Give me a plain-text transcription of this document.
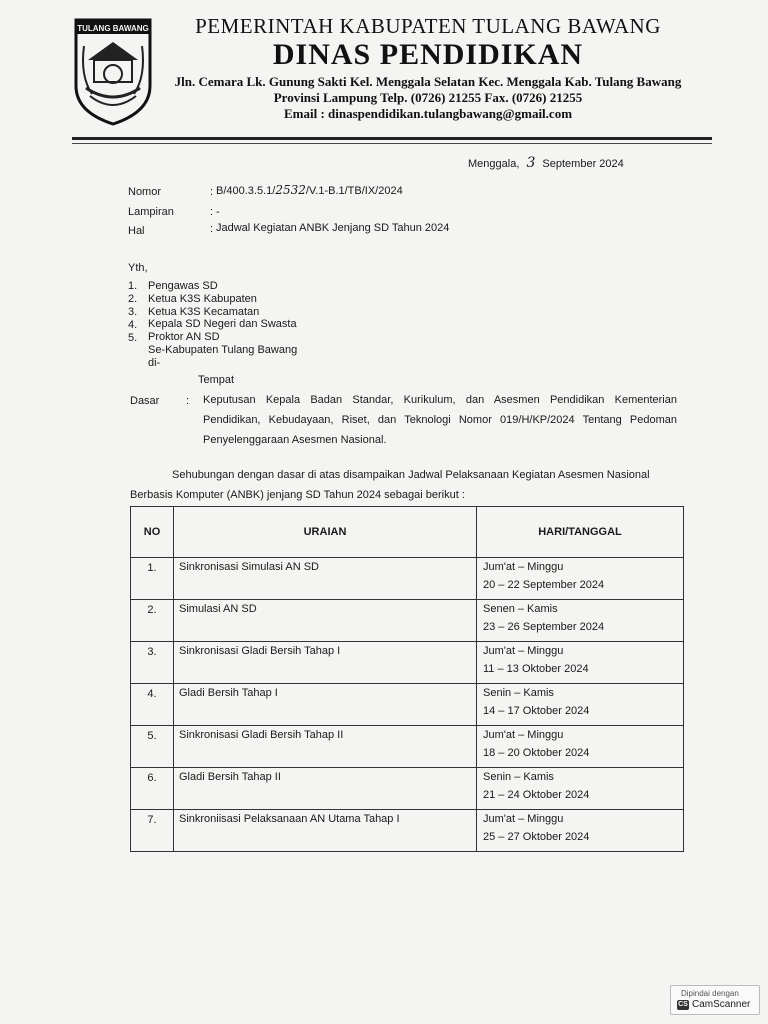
TULANG BAWANG	PEMERINTAH KABUPATEN TULANG BAWANG
DINAS PENDIDIKAN
Jln. Cemara Lk. Gunung Sakti Kel. Menggala Selatan Kec. Menggala Kab. Tulang Bawang
Provinsi Lampung Telp. (0726) 21255 Fax. (0726) 21255
Email : dinaspendidikan.tulangbawang@gmail.com
Menggala, 3 September 2024
Nomor	: B/400.3.5.1/2532/V.1-B.1/TB/IX/2024
Lampiran	: -
Hal	: Jadwal Kegiatan ANBK Jenjang SD Tahun 2024
Yth,
1. Pengawas SD
2. Ketua K3S Kabupaten
3. Ketua K3S Kecamatan
4. Kepala SD Negeri dan Swasta
5. Proktor AN SD
Se-Kabupaten Tulang Bawang
di-
Tempat
Dasar : Keputusan Kepala Badan Standar, Kurikulum, dan Asesmen Pendidikan Kementerian Pendidikan, Kebudayaan, Riset, dan Teknologi Nomor 019/H/KP/2024 Tentang Pedoman Penyelenggaraan Asesmen Nasional.
Sehubungan dengan dasar di atas disampaikan Jadwal Pelaksanaan Kegiatan Asesmen Nasional Berbasis Komputer (ANBK) jenjang SD Tahun 2024 sebagai berikut :
NO	URAIAN	HARI/TANGGAL
1.	Sinkronisasi Simulasi AN SD	Jum'at – Minggu
20 – 22 September 2024

2.	Simulasi AN SD	Senen – Kamis
23 – 26 September 2024

3.	Sinkronisasi Gladi Bersih Tahap I	Jum'at – Minggu
11 – 13 Oktober 2024

4.	Gladi Bersih Tahap I	Senin – Kamis
14 – 17 Oktober 2024

5.	Sinkronisasi Gladi Bersih Tahap II	Jum'at – Minggu
18 – 20 Oktober 2024

6.	Gladi Bersih Tahap II	Senin – Kamis
21 – 24 Oktober 2024

7.	Sinkroniisasi Pelaksanaan AN Utama Tahap I	Jum'at – Minggu
25 – 27 Oktober 2024
Dipindai dengan
CS CamScanner
